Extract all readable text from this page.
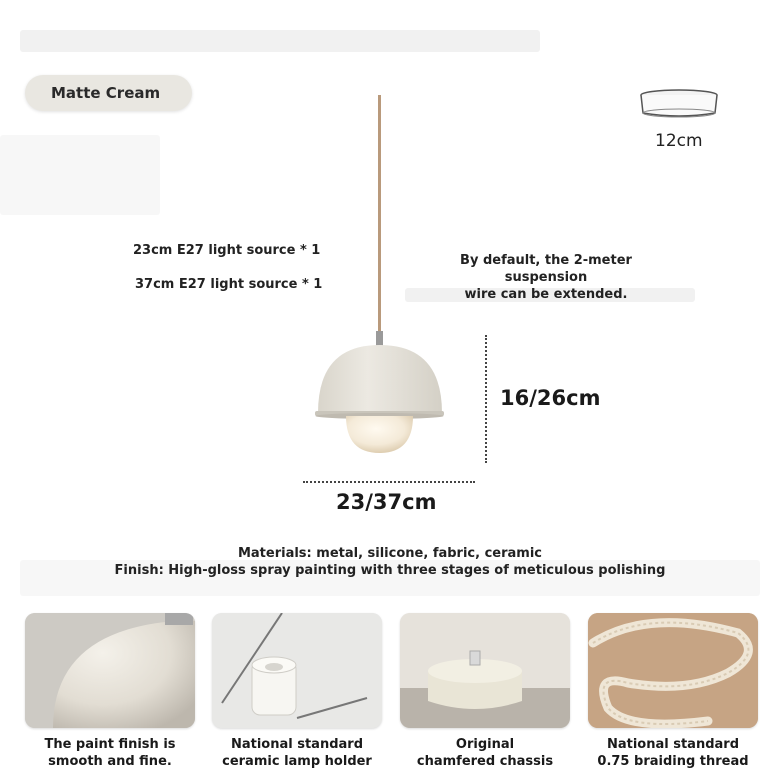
Matte Cream
12cm
23cm E27 light source * 1
37cm E27 light source * 1
By default, the 2-meter suspension
wire can be extended.
16/26cm
23/37cm
Materials: metal, silicone, fabric, ceramic
Finish: High-gloss spray painting with three stages of meticulous polishing
The paint finish is
smooth and fine.
National standard
ceramic lamp holder
Original
chamfered chassis
National standard
0.75 braiding thread
